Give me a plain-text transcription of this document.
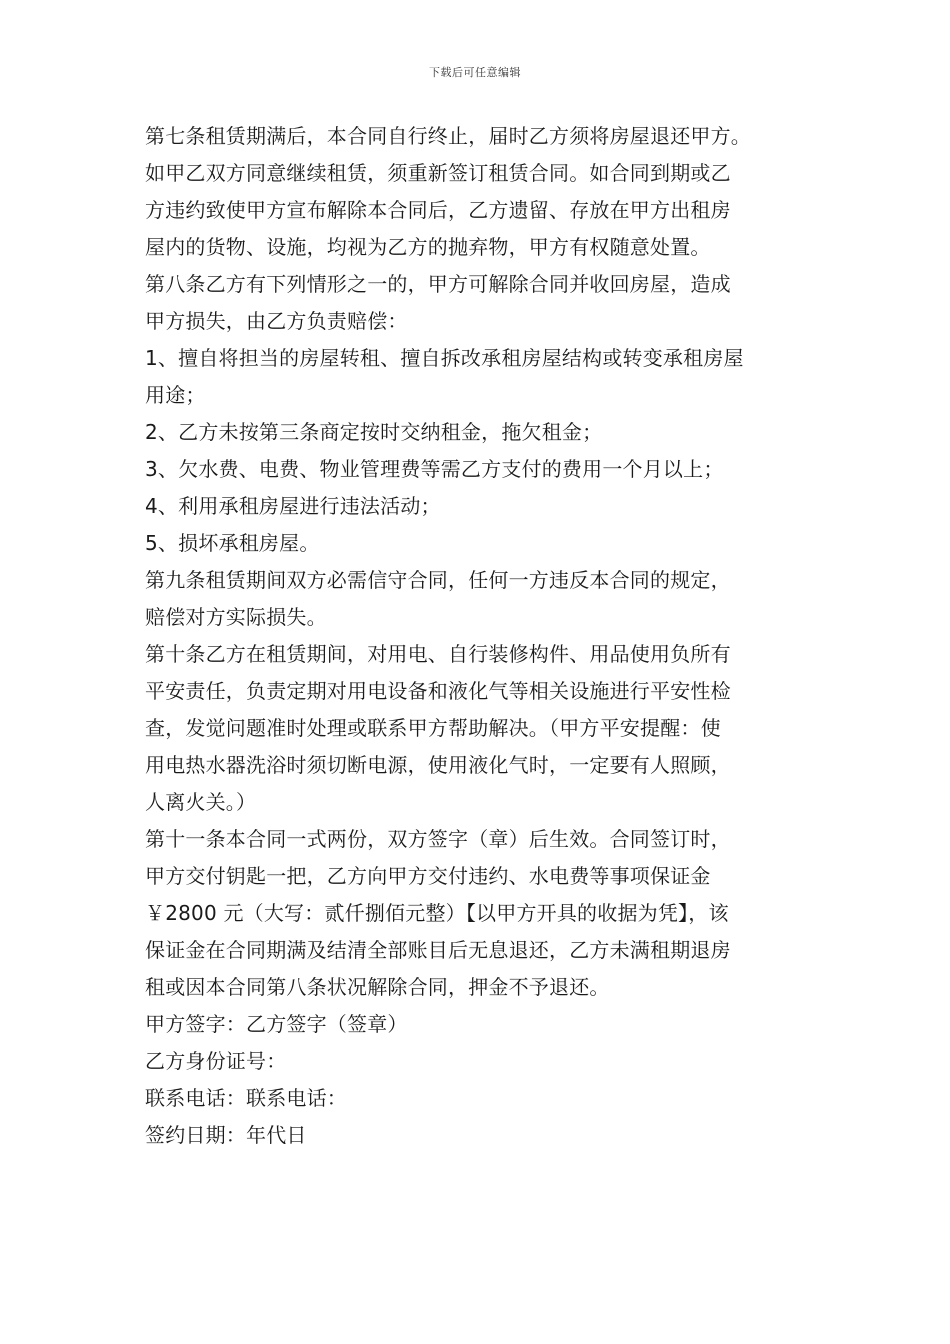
下载后可任意编辑
第七条租赁期满后，本合同自行终止，届时乙方须将房屋退还甲方。
如甲乙双方同意继续租赁，须重新签订租赁合同。如合同到期或乙
方违约致使甲方宣布解除本合同后，乙方遗留、存放在甲方出租房
屋内的货物、设施，均视为乙方的抛弃物，甲方有权随意处置。
第八条乙方有下列情形之一的，甲方可解除合同并收回房屋，造成
甲方损失，由乙方负责赔偿：
1、擅自将担当的房屋转租、擅自拆改承租房屋结构或转变承租房屋
用途；
2、乙方未按第三条商定按时交纳租金，拖欠租金；
3、欠水费、电费、物业管理费等需乙方支付的费用一个月以上；
4、利用承租房屋进行违法活动；
5、损坏承租房屋。
第九条租赁期间双方必需信守合同，任何一方违反本合同的规定，
赔偿对方实际损失。
第十条乙方在租赁期间，对用电、自行装修构件、用品使用负所有
平安责任，负责定期对用电设备和液化气等相关设施进行平安性检
查，发觉问题准时处理或联系甲方帮助解决。（甲方平安提醒：使
用电热水器洗浴时须切断电源，使用液化气时，一定要有人照顾，
人离火关。）
第十一条本合同一式两份，双方签字（章）后生效。合同签订时，
甲方交付钥匙一把，乙方向甲方交付违约、水电费等事项保证金
￥2800 元（大写：贰仟捌佰元整）【以甲方开具的收据为凭】，该
保证金在合同期满及结清全部账目后无息退还，乙方未满租期退房
租或因本合同第八条状况解除合同，押金不予退还。
甲方签字：乙方签字（签章）
乙方身份证号：
联系电话：联系电话：
签约日期：年代日
